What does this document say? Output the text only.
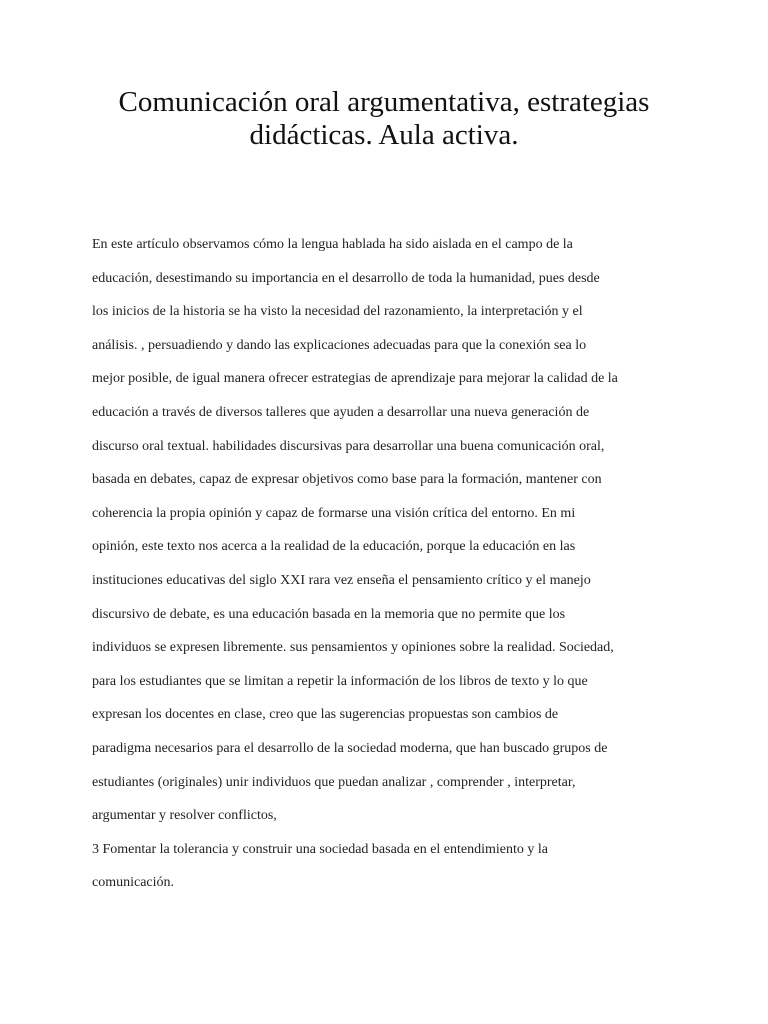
Comunicación oral argumentativa, estrategias
didácticas. Aula activa.
En este artículo observamos cómo la lengua hablada ha sido aislada en el campo de la
educación, desestimando su importancia en el desarrollo de toda la humanidad, pues desde
los inicios de la historia se ha visto la necesidad del razonamiento, la interpretación y el
análisis. , persuadiendo y dando las explicaciones adecuadas para que la conexión sea lo
mejor posible, de igual manera ofrecer estrategias de aprendizaje para mejorar la calidad de la
educación a través de diversos talleres que ayuden a desarrollar una nueva generación de
discurso oral textual. habilidades discursivas para desarrollar una buena comunicación oral,
basada en debates, capaz de expresar objetivos como base para la formación, mantener con
coherencia la propia opinión y capaz de formarse una visión crítica del entorno. En mi
opinión, este texto nos acerca a la realidad de la educación, porque la educación en las
instituciones educativas del siglo XXI rara vez enseña el pensamiento crítico y el manejo
discursivo de debate, es una educación basada en la memoria que no permite que los
individuos se expresen libremente. sus pensamientos y opiniones sobre la realidad. Sociedad,
para los estudiantes que se limitan a repetir la información de los libros de texto y lo que
expresan los docentes en clase, creo que las sugerencias propuestas son cambios de
paradigma necesarios para el desarrollo de la sociedad moderna, que han buscado grupos de
estudiantes (originales) unir individuos que puedan analizar , comprender , interpretar,
argumentar y resolver conflictos,
3 Fomentar la tolerancia y construir una sociedad basada en el entendimiento y la
comunicación.
